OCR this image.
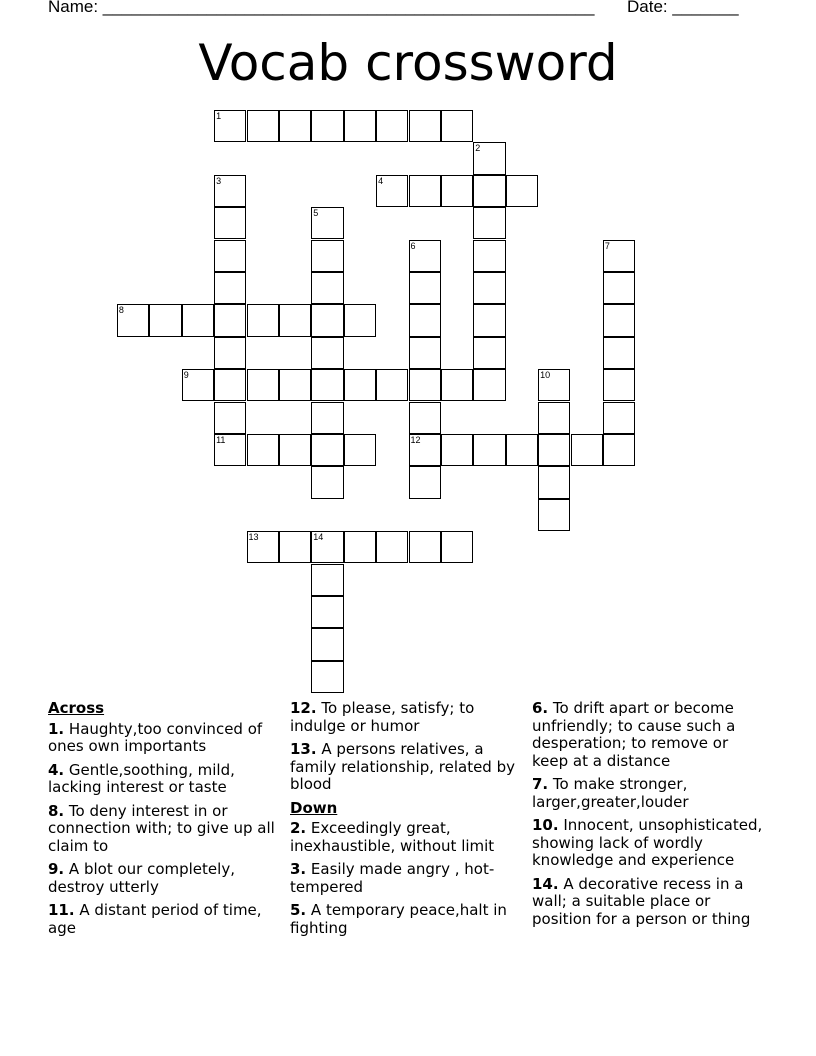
Name: ____________________________________________________ Date: _______
Vocab crossword
1
2
3
11
4
5
6
12
7
8
9	10
13	14
Across
1. Haughty,too convinced of ones own importants
4. Gentle,soothing, mild, lacking interest or taste
8. To deny interest in or connection with; to give up all claim to
9. A blot our completely, destroy utterly
11. A distant period of time, age
12. To please, satisfy; to indulge or humor
13. A persons relatives, a family relationship, related by blood
Down
2. Exceedingly great, inexhaustible, without limit
3. Easily made angry , hot-tempered
5. A temporary peace,halt in fighting
6. To drift apart or become unfriendly; to cause such a desperation; to remove or keep at a distance
7. To make stronger, larger,greater,louder
10. Innocent, unsophisticated, showing lack of wordly knowledge and experience
14. A decorative recess in a wall; a suitable place or position for a person or thing
